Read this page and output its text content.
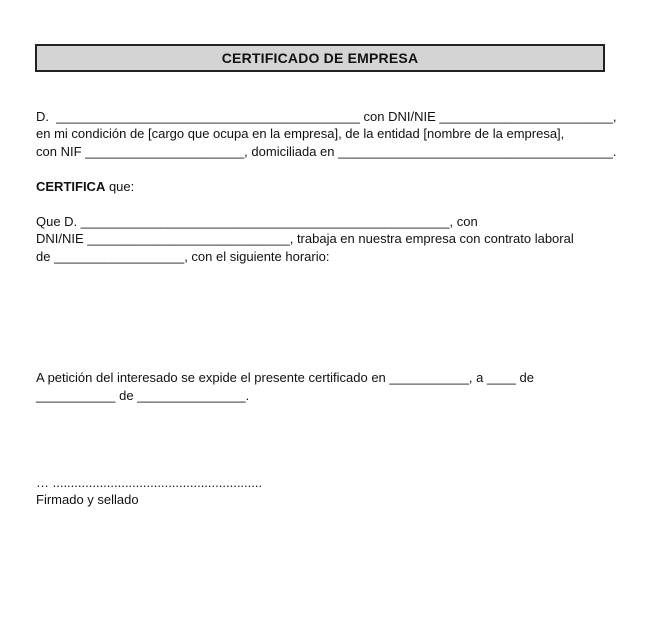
CERTIFICADO DE EMPRESA
D.  __________________________________________ con DNI/NIE ________________________,
en mi condición de [cargo que ocupa en la empresa], de la entidad [nombre de la empresa],
con NIF ______________________, domiciliada en ______________________________________.
CERTIFICA que:
Que D. ___________________________________________________, con
DNI/NIE ____________________________, trabaja en nuestra empresa con contrato laboral
de __________________, con el siguiente horario:
A petición del interesado se expide el presente certificado en ___________, a ____ de
___________ de _______________.
… ..........................................................
Firmado y sellado
